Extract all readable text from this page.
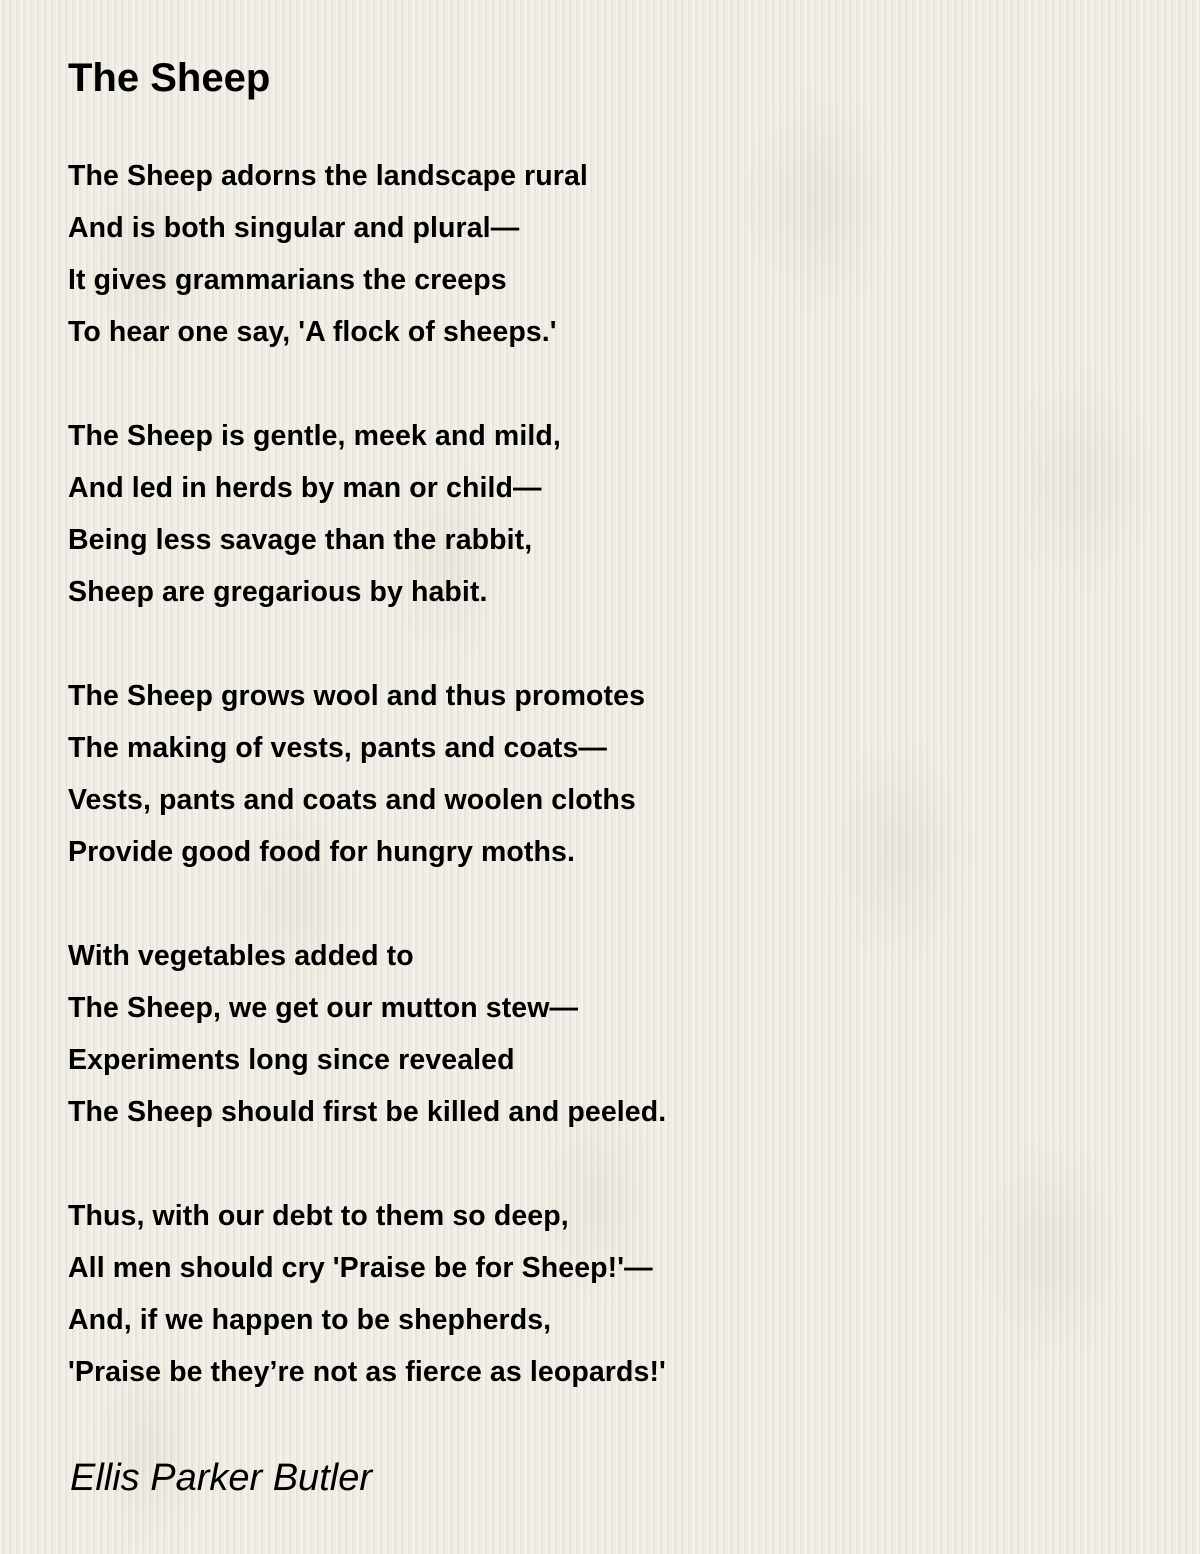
The Sheep
The Sheep adorns the landscape rural
And is both singular and plural—
It gives grammarians the creeps
To hear one say, 'A flock of sheeps.'
The Sheep is gentle, meek and mild,
And led in herds by man or child—
Being less savage than the rabbit,
Sheep are gregarious by habit.
The Sheep grows wool and thus promotes
The making of vests, pants and coats—
Vests, pants and coats and woolen cloths
Provide good food for hungry moths.
With vegetables added to
The Sheep, we get our mutton stew—
Experiments long since revealed
The Sheep should first be killed and peeled.
Thus, with our debt to them so deep,
All men should cry 'Praise be for Sheep!'—
And, if we happen to be shepherds,
'Praise be they’re not as fierce as leopards!'

Ellis Parker Butler
